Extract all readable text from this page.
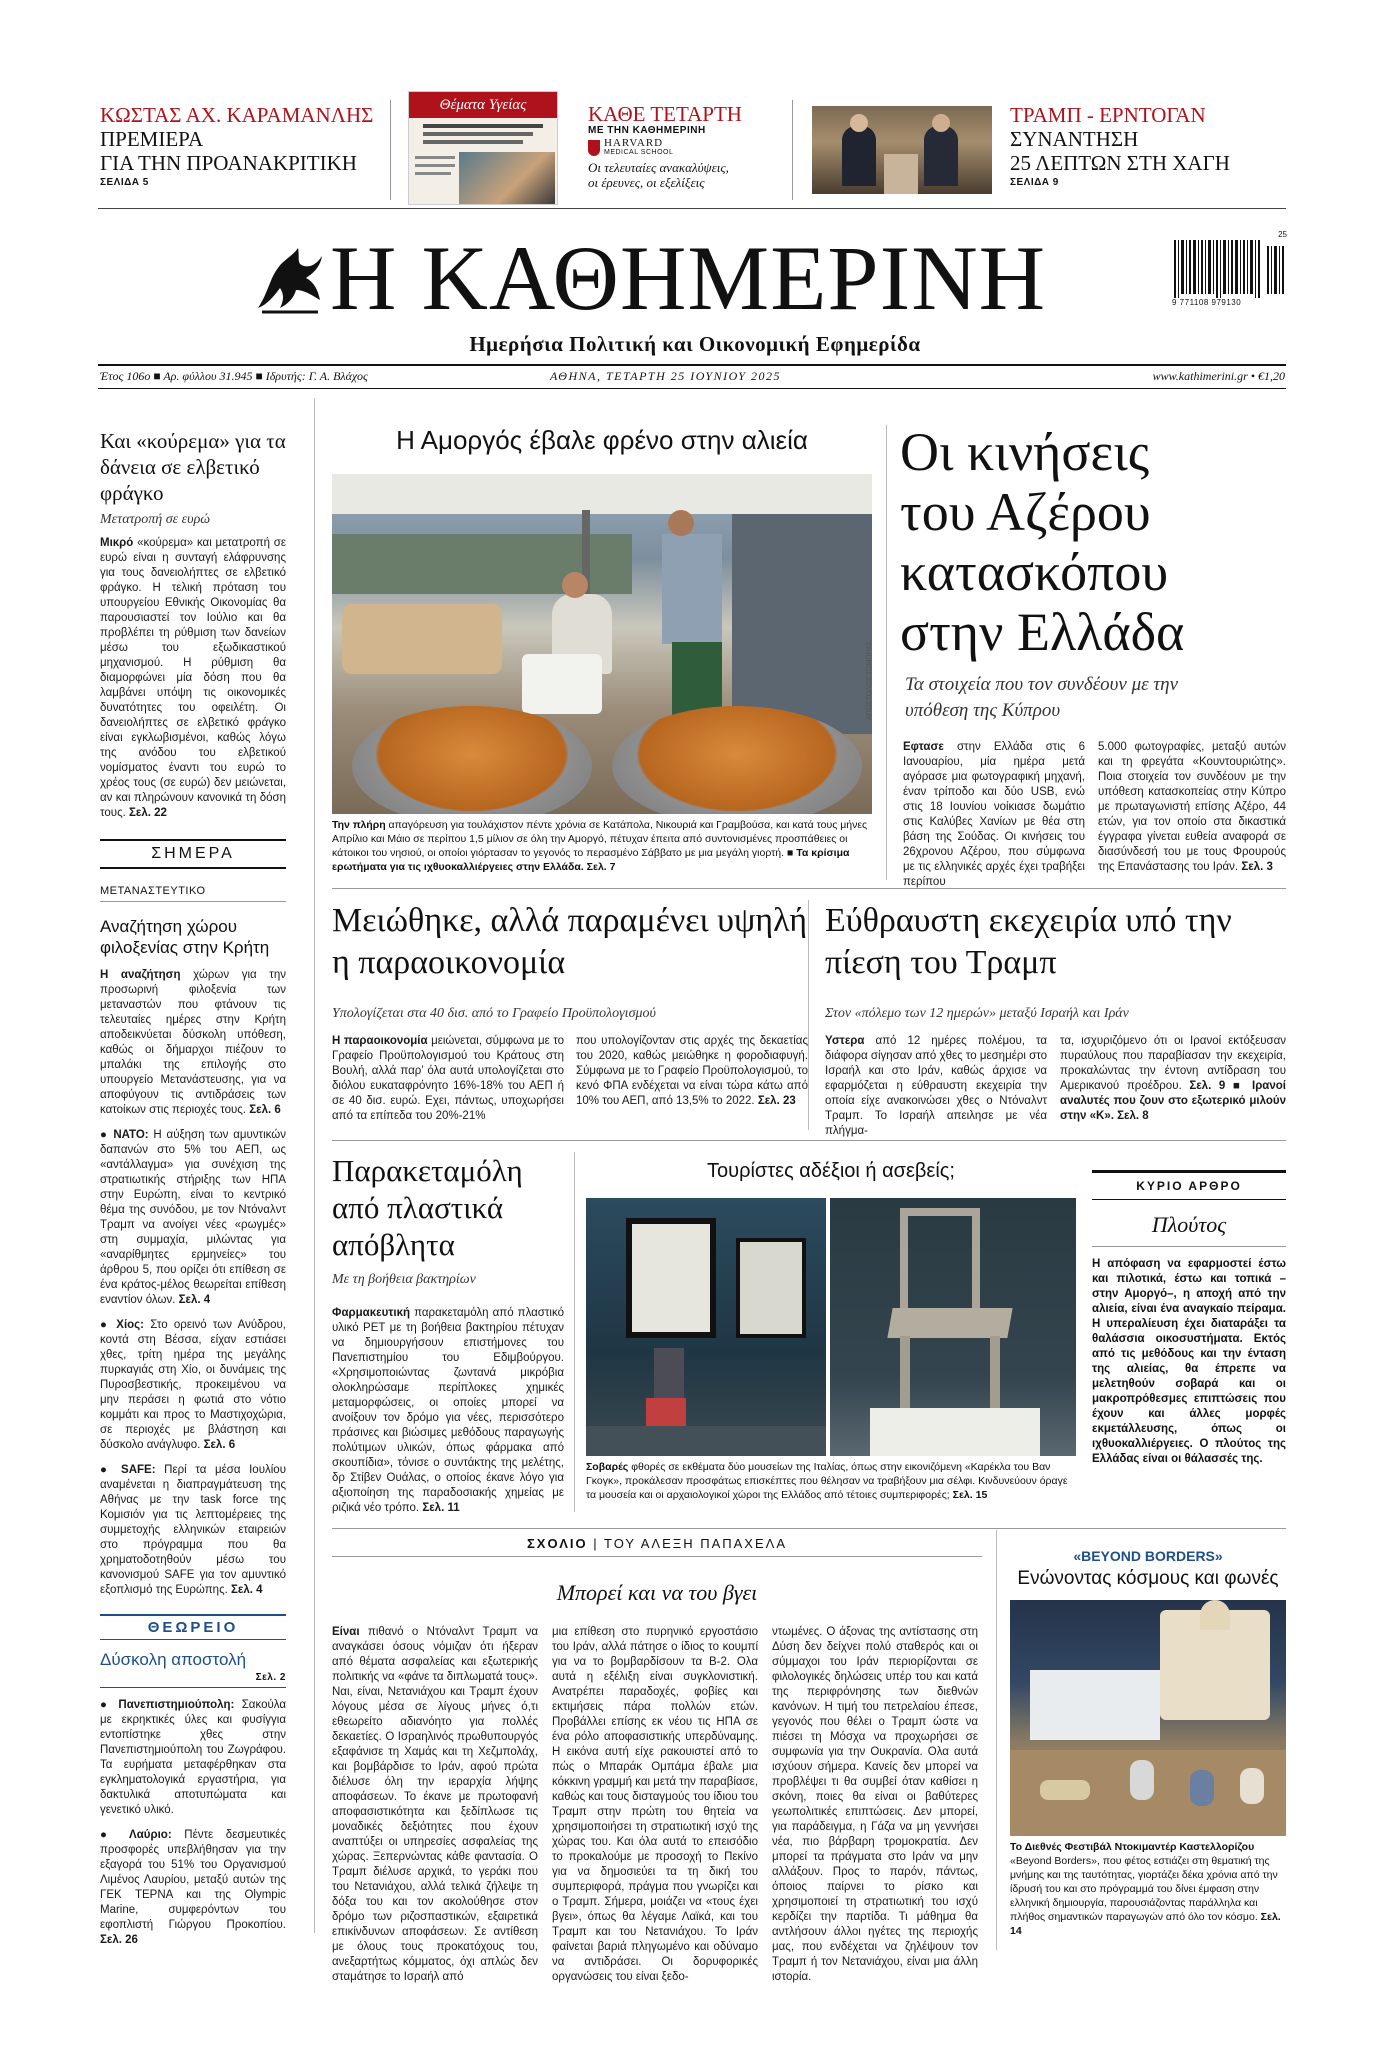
ΚΩΣΤΑΣ ΑΧ. ΚΑΡΑΜΑΝΛΗΣ
ΠΡΕΜΙΕΡΑ
ΓΙΑ ΤΗΝ ΠΡΟΑΝΑΚΡΙΤΙΚΗ
ΣΕΛΙΔΑ 5
Θέματα Υγείας	ΚΑΘΕ ΤΕΤΑΡΤΗ
ΜΕ ΤΗΝ ΚΑΘΗΜΕΡΙΝΗ
HARVARD
MEDICAL SCHOOL
Οι τελευταίες ανακαλύψεις,
οι έρευνες, οι εξελίξεις
ΤΡΑΜΠ - ΕΡΝΤΟΓΑΝ
ΣΥΝΑΝΤΗΣΗ
25 ΛΕΠΤΩΝ ΣΤΗ ΧΑΓΗ
ΣΕΛΙΔΑ 9
Η ΚΑΘΗΜΕΡΙΝΗ	9 771108 979130
25
Ημερήσια Πολιτική και Οικονομική Εφημερίδα
Έτος 106ο ■ Αρ. φύλλου 31.945 ■ Ιδρυτής: Γ. Α. Βλάχος	ΑΘΗΝΑ, ΤΕΤΑΡΤΗ 25 ΙΟΥΝΙΟΥ 2025	www.kathimerini.gr • €1,20
Και «κούρεμα» για τα δάνεια σε ελβετικό φράγκο
Μετατροπή σε ευρώ
Μικρό «κούρεμα» και μετατροπή σε ευρώ είναι η συνταγή ελάφρυνσης για τους δανειολήπτες σε ελβετικό φράγκο. Η τελική πρόταση του υπουργείου Εθνικής Οικονομίας θα παρουσιαστεί τον Ιούλιο και θα προβλέπει τη ρύθμιση των δανείων μέσω του εξωδικαστικού μηχανισμού. Η ρύθμιση θα διαμορφώνει μία δόση που θα λαμβάνει υπόψη τις οικονομικές δυνατότητες του οφειλέτη. Οι δανειολήπτες σε ελβετικό φράγκο είναι εγκλωβισμένοι, καθώς λόγω της ανόδου του ελβετικού νομίσματος έναντι του ευρώ το χρέος τους (σε ευρώ) δεν μειώνεται, αν και πληρώνουν κανονικά τη δόση τους. Σελ. 22
ΣΗΜΕΡΑ
ΜΕΤΑΝΑΣΤΕΥΤΙΚΟ
Αναζήτηση χώρου φιλοξενίας στην Κρήτη
Η αναζήτηση χώρων για την προσωρινή φιλοξενία των μεταναστών που φτάνουν τις τελευταίες ημέρες στην Κρήτη αποδεικνύεται δύσκολη υπόθεση, καθώς οι δήμαρχοι πιέζουν το μπαλάκι της επιλογής στο υπουργείο Μετανάστευσης, για να αποφύγουν τις αντιδράσεις των κατοίκων στις περιοχές τους. Σελ. 6
● ΝΑΤΟ: Η αύξηση των αμυντικών δαπανών στο 5% του ΑΕΠ, ως «αντάλλαγμα» για συνέχιση της στρατιωτικής στήριξης των ΗΠΑ στην Ευρώπη, είναι το κεντρικό θέμα της συνόδου, με τον Ντόναλντ Τραμπ να ανοίγει νέες «ρωγμές» στη συμμαχία, μιλώντας για «αναρίθμητες ερμηνείες» του άρθρου 5, που ορίζει ότι επίθεση σε ένα κράτος-μέλος θεωρείται επίθεση εναντίον όλων. Σελ. 4
● Χίος: Στο ορεινό των Ανύδρου, κοντά στη Βέσσα, είχαν εστιάσει χθες, τρίτη ημέρα της μεγάλης πυρκαγιάς στη Χίο, οι δυνάμεις της Πυροσβεστικής, προκειμένου να μην περάσει η φωτιά στο νότιο κομμάτι και προς το Μαστιχοχώρια, σε περιοχές με βλάστηση και δύσκολο ανάγλυφο. Σελ. 6
● SAFE: Περί τα μέσα Ιουλίου αναμένεται η διαπραγμάτευση της Αθήνας με την task force της Κομισιόν για τις λεπτομέρειες της συμμετοχής ελληνικών εταιρειών στο πρόγραμμα που θα χρηματοδοτηθούν μέσω του κανονισμού SAFE για τον αμυντικό εξοπλισμό της Ευρώπης. Σελ. 4
ΘΕΩΡΕΙΟ
Δύσκολη αποστολή
Σελ. 2
● Πανεπιστημιούπολη: Σακούλα με εκρηκτικές ύλες και φυσίγγια εντοπίστηκε χθες στην Πανεπιστημιούπολη του Ζωγράφου. Τα ευρήματα μεταφέρθηκαν στα εγκληματολογικά εργαστήρια, για δακτυλικά αποτυπώματα και γενετικό υλικό.
● Λαύριο: Πέντε δεσμευτικές προσφορές υπεβλήθησαν για την εξαγορά του 51% του Οργανισμού Λιμένος Λαυρίου, μεταξύ αυτών της ΓΕΚ ΤΕΡΝΑ και της Olympic Marine, συμφερόντων του εφοπλιστή Γιώργου Προκοπίου. Σελ. 26
Η Αμοργός έβαλε φρένο στην αλιεία
ΑΠΟΣΤΟΛΟΣ ΤΟΜΠΡΑΣ
Την πλήρη απαγόρευση για τουλάχιστον πέντε χρόνια σε Κατάπολα, Νικουριά και Γραμβούσα, και κατά τους μήνες Απρίλιο και Μάιο σε περίπου 1,5 μίλιον σε όλη την Αμοργό, πέτυχαν έπειτα από συντονισμένες προσπάθειες οι κάτοικοι του νησιού, οι οποίοι γιόρτασαν το γεγονός το περασμένο Σάββατο με μια μεγάλη γιορτή. ■ Τα κρίσιμα ερωτήματα για τις ιχθυοκαλλιέργειες στην Ελλάδα. Σελ. 7
Οι κινήσεις του Αζέρου κατασκόπου στην Ελλάδα
Τα στοιχεία που τον συνδέουν με την υπόθεση της Κύπρου
Εφτασε στην Ελλάδα στις 6 Ιανουαρίου, μία ημέρα μετά αγόρασε μια φωτογραφική μηχανή, έναν τρίποδο και δύο USB, ενώ στις 18 Ιουνίου νοίκιασε δωμάτιο στις Καλύβες Χανίων με θέα στη βάση της Σούδας. Οι κινήσεις του 26χρονου Αζέρου, που σύμφωνα με τις ελληνικές αρχές έχει τραβήξει περίπου
5.000 φωτογραφίες, μεταξύ αυτών και τη φρεγάτα «Κουντουριώτης». Ποια στοιχεία τον συνδέουν με την υπόθεση κατασκοπείας στην Κύπρο με πρωταγωνιστή επίσης Αζέρο, 44 ετών, για τον οποίο στα δικαστικά έγγραφα γίνεται ευθεία αναφορά σε διασύνδεσή του με τους Φρουρούς της Επανάστασης του Ιράν. Σελ. 3
Μειώθηκε, αλλά παραμένει υψηλή η παραοικονομία
Υπολογίζεται στα 40 δισ. από το Γραφείο Προϋπολογισμού
Η παραοικονομία μειώνεται, σύμφωνα με το Γραφείο Προϋπολογισμού του Κράτους στη Βουλή, αλλά παρ’ όλα αυτά υπολογίζεται στο διόλου ευκαταφρόνητο 16%-18% του ΑΕΠ ή σε 40 δισ. ευρώ. Εχει, πάντως, υποχωρήσει από τα επίπεδα του 20%-21%
που υπολογίζονταν στις αρχές της δεκαετίας του 2020, καθώς μειώθηκε η φοροδιαφυγή. Σύμφωνα με το Γραφείο Προϋπολογισμού, το κενό ΦΠΑ ενδέχεται να είναι τώρα κάτω από 10% του ΑΕΠ, από 13,5% το 2022. Σελ. 23
Εύθραυστη εκεχειρία υπό την πίεση του Τραμπ
Στον «πόλεμο των 12 ημερών» μεταξύ Ισραήλ και Ιράν
Υστερα από 12 ημέρες πολέμου, τα διάφορα σίγησαν από χθες το μεσημέρι στο Ισραήλ και στο Ιράν, καθώς άρχισε να εφαρμόζεται η εύθραυστη εκεχειρία την οποία είχε ανακοινώσει χθες ο Ντόναλντ Τραμπ. Το Ισραήλ απειλησε με νέα πλήγμα-
τα, ισχυριζόμενο ότι οι Ιρανοί εκτόξευσαν πυραύλους που παραβίασαν την εκεχειρία, προκαλώντας την έντονη αντίδραση του Αμερικανού προέδρου. Σελ. 9 ■ Ιρανοί αναλυτές που ζουν στο εξωτερικό μιλούν στην «Κ». Σελ. 8
Παρακεταμόλη από πλαστικά απόβλητα
Με τη βοήθεια βακτηρίων
Φαρμακευτική παρακεταμόλη από πλαστικό υλικό PET με τη βοήθεια βακτηρίου πέτυχαν να δημιουργήσουν επιστήμονες του Πανεπιστημίου του Εδιμβούργου. «Χρησιμοποιώντας ζωντανά μικρόβια ολοκληρώσαμε περίπλοκες χημικές μεταμορφώσεις, οι οποίες μπορεί να ανοίξουν τον δρόμο για νέες, περισσότερο πράσινες και βιώσιμες μεθόδους παραγωγής πολύτιμων υλικών, όπως φάρμακα από σκουπίδια», τόνισε ο συντάκτης της μελέτης, δρ Στίβεν Ουάλας, ο οποίος έκανε λόγο για αξιοποίηση της παραδοσιακής χημείας με ριζικά νέο τρόπο. Σελ. 11
Τουρίστες αδέξιοι ή ασεβείς;
Σοβαρές φθορές σε εκθέματα δύο μουσείων της Ιταλίας, όπως στην εικονιζόμενη «Καρέκλα του Βαν Γκογκ», προκάλεσαν προσφάτως επισκέπτες που θέλησαν να τραβήξουν μια σέλφι. Κινδυνεύουν όραγε τα μουσεία και οι αρχαιολογικοί χώροι της Ελλάδος από τέτοιες συμπεριφορές; Σελ. 15
ΚΥΡΙΟ ΑΡΘΡΟ
Πλούτος
Η απόφαση να εφαρμοστεί έστω και πιλοτικά, έστω και τοπικά –στην Αμοργό–, η αποχή από την αλιεία, είναι ένα αναγκαίο πείραμα. Η υπεραλίευση έχει διαταράξει τα θαλάσσια οικοσυστήματα. Εκτός από τις μεθόδους και την ένταση της αλιείας, θα έπρεπε να μελετηθούν σοβαρά και οι μακροπρόθεσμες επιπτώσεις που έχουν και άλλες μορφές εκμετάλλευσης, όπως οι ιχθυοκαλλιέργειες. Ο πλούτος της Ελλάδας είναι οι θάλασσές της.
ΣΧΟΛΙΟ | ΤΟΥ ΑΛΕΞΗ ΠΑΠΑΧΕΛΑ
Μπορεί και να του βγει
Είναι πιθανό ο Ντόναλντ Τραμπ να αναγκάσει όσους νόμιζαν ότι ήξεραν από θέματα ασφαλείας και εξωτερικής πολιτικής να «φάνε τα διπλωματά τους». Ναι, είναι, Νετανιάχου και Τραμπ έχουν λόγους μέσα σε λίγους μήνες ό,τι εθεωρείτο αδιανόητο για πολλές δεκαετίες. Ο Ισραηλινός πρωθυπουργός εξαφάνισε τη Χαμάς και τη Χεζμπολάχ, και βομβάρδισε το Ιράν, αφού πρώτα διέλυσε όλη την ιεραρχία λήψης αποφάσεων. Το έκανε με πρωτοφανή αποφασιστικότητα και ξεδίπλωσε τις μοναδικές δεξιότητες που έχουν αναπτύξει οι υπηρεσίες ασφαλείας της χώρας. Ξεπερνώντας κάθε φαντασία. Ο Τραμπ διέλυσε αρχικά, το γεράκι που του Νετανιάχου, αλλά τελικά ζήλεψε τη δόξα του και τον ακολούθησε στον δρόμο των ριζοσπαστικών, εξαιρετικά επικίνδυνων αποφάσεων. Σε αντίθεση με όλους τους προκατόχους του, ανεξαρτήτως κόμματος, όχι απλώς δεν σταμάτησε το Ισραήλ από
μια επίθεση στο πυρηνικό εργοστάσιο του Ιράν, αλλά πάτησε ο ίδιος το κουμπί για να το βομβαρδίσουν τα B-2. Ολα αυτά η εξέλιξη είναι συγκλονιστική. Ανατρέπει παραδοχές, φοβίες και εκτιμήσεις πάρα πολλών ετών. Προβάλλει επίσης εκ νέου τις ΗΠΑ σε ένα ρόλο αποφασιστικής υπερδύναμης. Η εικόνα αυτή είχε ρακουιστεί από το πώς ο Μπαράκ Ομπάμα έβαλε μια κόκκινη γραμμή και μετά την παραβίασε, καθώς και τους δισταγμούς του ίδιου του Τραμπ στην πρώτη του θητεία να χρησιμοποιήσει τη στρατιωτική ισχύ της χώρας του. Και όλα αυτά το επεισόδιο το προκαλούμε με προσοχή το Πεκίνο για να δημοσιεύει τα τη δική του συμπεριφορά, πράγμα που γνωρίζει και ο Τραμπ. Σήμερα, μοιάζει να «τους έχει βγει», όπως θα λέγαμε Λαϊκά, και του Τραμπ και του Νετανιάχου. Το Ιράν φαίνεται βαριά πληγωμένο και οδύναμο να αντιδράσει. Οι δορυφορικές οργανώσεις του είναι ξεδο-
ντωμένες. Ο άξονας της αντίστασης στη Δύση δεν δείχνει πολύ σταθερός και οι σύμμαχοι του Ιράν περιορίζονται σε φιλολογικές δηλώσεις υπέρ του και κατά της περιφρόνησης των διεθνών κανόνων. Η τιμή του πετρελαίου έπεσε, γεγονός που θέλει ο Τραμπ ώστε να πιέσει τη Μόσχα να προχωρήσει σε συμφωνία για την Ουκρανία. Ολα αυτά ισχύουν σήμερα. Κανείς δεν μπορεί να προβλέψει τι θα συμβεί όταν καθίσει η σκόνη, ποιες θα είναι οι βαθύτερες γεωπολιτικές επιπτώσεις. Δεν μπορεί, για παράδειγμα, η Γάζα να μη γεννήσει νέα, πιο βάρβαρη τρομοκρατία. Δεν μπορεί τα πράγματα στο Ιράν να μην αλλάξουν. Προς το παρόν, πάντως, όποιος παίρνει το ρίσκο και χρησιμοποιεί τη στρατιωτική του ισχύ κερδίζει την παρτίδα. Τι μάθημα θα αντλήσουν άλλοι ηγέτες της περιοχής μας, που ενδέχεται να ζηλέψουν τον Τραμπ ή τον Νετανιάχου, είναι μια άλλη ιστορία.
«BEYOND BORDERS»
Ενώνοντας κόσμους και φωνές
Το Διεθνές Φεστιβάλ Ντοκιμαντέρ Καστελλορίζου «Beyond Borders», που φέτος εστιάζει στη θεματική της μνήμης και της ταυτότητας, γιορτάζει δέκα χρόνια από την ίδρυσή του και στο πρόγραμμά του δίνει έμφαση στην ελληνική δημιουργία, παρουσιάζοντας παράλληλα και πλήθος σημαντικών παραγωγών από όλο τον κόσμο. Σελ. 14
